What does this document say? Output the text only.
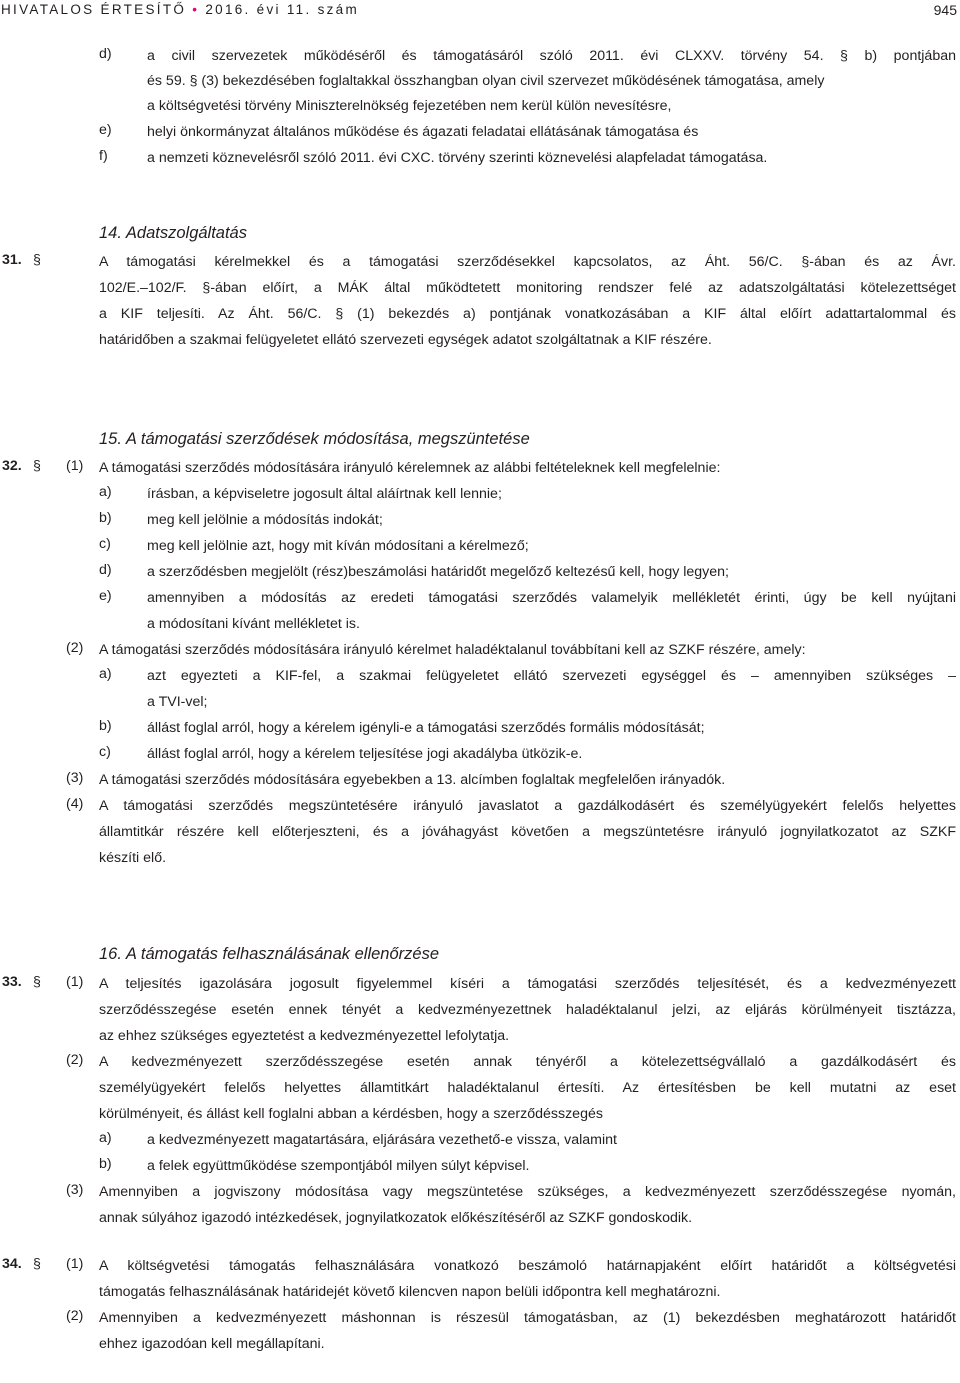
HIVATALOS ÉRTESÍTŐ • 2016. évi 11. szám	945
d) a civil szervezetek működéséről és támogatásáról szóló 2011. évi CLXXV. törvény 54. § b) pontjában
és 59. § (3) bekezdésében foglaltakkal összhangban olyan civil szervezet működésének támogatása, amely
a költségvetési törvény Miniszterelnökség fejezetében nem kerül külön nevesítésre,
e) helyi önkormányzat általános működése és ágazati feladatai ellátásának támogatása és
f)	a nemzeti köznevelésről szóló 2011. évi CXC. törvény szerinti köznevelési alapfeladat támogatása.
14. Adatszolgáltatás
31. §	A támogatási kérelmekkel és a támogatási szerződésekkel kapcsolatos, az Áht. 56/C. §-ában és az Ávr.
102/E.–102/F. §-ában előírt, a MÁK által működtetett monitoring rendszer felé az adatszolgáltatási kötelezettséget
a KIF teljesíti. Az Áht. 56/C. § (1) bekezdés a) pontjának vonatkozásában a KIF által előírt adattartalommal és
határidőben a szakmai felügyeletet ellátó szervezeti egységek adatot szolgáltatnak a KIF részére.
15. A támogatási szerződések módosítása, megszüntetése
32. § (1) A támogatási szerződés módosítására irányuló kérelemnek az alábbi feltételeknek kell megfelelnie:
a) írásban, a képviseletre jogosult által aláírtnak kell lennie;
b) meg kell jelölnie a módosítás indokát;
c)	meg kell jelölnie azt, hogy mit kíván módosítani a kérelmező;
d) a szerződésben megjelölt (rész)beszámolási határidőt megelőző keltezésű kell, hogy legyen;
e) amennyiben a módosítás az eredeti támogatási szerződés valamelyik mellékletét érinti, úgy be kell nyújtani
a módosítani kívánt mellékletet is.
(2) A támogatási szerződés módosítására irányuló kérelmet haladéktalanul továbbítani kell az SZKF részére, amely:
a) azt egyezteti a KIF-fel, a szakmai felügyeletet ellátó szervezeti egységgel és – amennyiben szükséges –
a TVI-vel;
b) állást foglal arról, hogy a kérelem igényli-e a támogatási szerződés formális módosítását;
c)	állást foglal arról, hogy a kérelem teljesítése jogi akadályba ütközik-e.
(3) A támogatási szerződés módosítására egyebekben a 13. alcímben foglaltak megfelelően irányadók.
(4) A támogatási szerződés megszüntetésére irányuló javaslatot a gazdálkodásért és személyügyekért felelős helyettes
államtitkár részére kell előterjeszteni, és a jóváhagyást követően a megszüntetésre irányuló jognyilatkozatot az SZKF
készíti elő.
16. A támogatás felhasználásának ellenőrzése
33. § (1) A teljesítés igazolására jogosult figyelemmel kíséri a támogatási szerződés teljesítését, és a kedvezményezett
szerződésszegése esetén ennek tényét a kedvezményezettnek haladéktalanul jelzi, az eljárás körülményeit tisztázza,
az ehhez szükséges egyeztetést a kedvezményezettel lefolytatja.
(2) A kedvezményezett szerződésszegése esetén annak tényéről a kötelezettségvállaló a gazdálkodásért és
személyügyekért felelős helyettes államtitkárt haladéktalanul értesíti. Az értesítésben be kell mutatni az eset
körülményeit, és állást kell foglalni abban a kérdésben, hogy a szerződésszegés
a) a kedvezményezett magatartására, eljárására vezethető-e vissza, valamint
b) a felek együttműködése szempontjából milyen súlyt képvisel.
(3) Amennyiben a jogviszony módosítása vagy megszüntetése szükséges, a kedvezményezett szerződésszegése nyomán,
annak súlyához igazodó intézkedések, jognyilatkozatok előkészítéséről az SZKF gondoskodik.
34. § (1) A költségvetési támogatás felhasználására vonatkozó beszámoló határnapjaként előírt határidőt a költségvetési
támogatás felhasználásának határidejét követő kilencven napon belüli időpontra kell meghatározni.
(2) Amennyiben a kedvezményezett máshonnan is részesül támogatásban, az (1) bekezdésben meghatározott határidőt
ehhez igazodóan kell megállapítani.
